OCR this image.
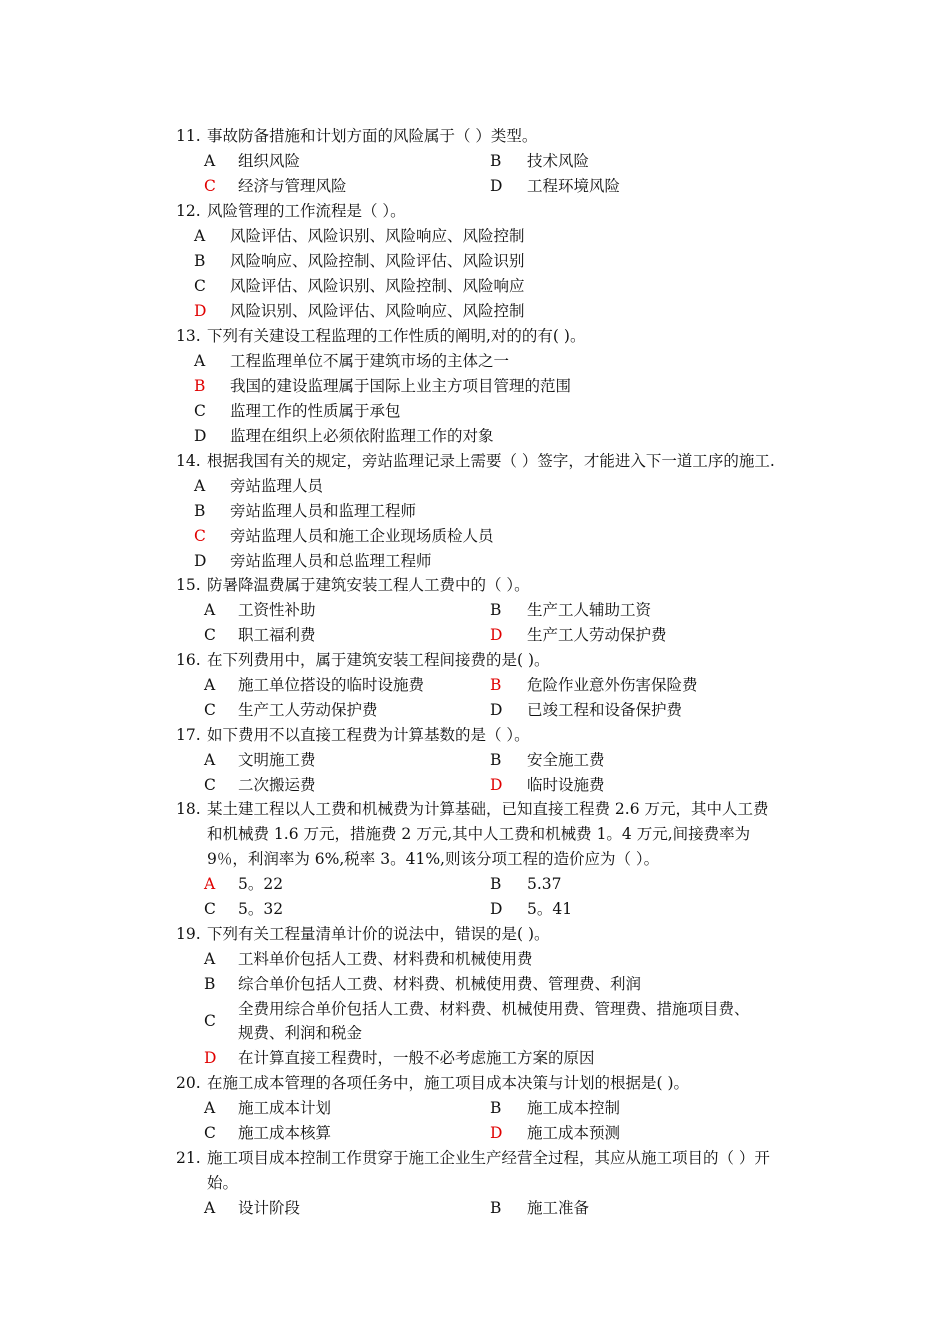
11. 事故防备措施和计划方面的风险属于（ ）类型。
A 组织风险	B 技术风险
C 经济与管理风险	D 工程环境风险
12. 风险管理的工作流程是（ ）。
A 风险评估、风险识别、风险响应、风险控制
B 风险响应、风险控制、风险评估、风险识别
C 风险评估、风险识别、风险控制、风险响应
D 风险识别、风险评估、风险响应、风险控制
13. 下列有关建设工程监理的工作性质的阐明,对的的有( )。
A 工程监理单位不属于建筑市场的主体之一
B 我国的建设监理属于国际上业主方项目管理的范围
C 监理工作的性质属于承包
D 监理在组织上必须依附监理工作的对象
14. 根据我国有关的规定，旁站监理记录上需要（ ）签字，才能进入下一道工序的施工.
A 旁站监理人员
B 旁站监理人员和监理工程师
C 旁站监理人员和施工企业现场质检人员
D 旁站监理人员和总监理工程师
15. 防暑降温费属于建筑安装工程人工费中的（ ）。
A 工资性补助	B 生产工人辅助工资
C 职工福利费	D 生产工人劳动保护费
16. 在下列费用中，属于建筑安装工程间接费的是( )。
A 施工单位搭设的临时设施费	B 危险作业意外伤害保险费
C 生产工人劳动保护费	D 已竣工程和设备保护费
17. 如下费用不以直接工程费为计算基数的是（ ）。
A 文明施工费	B 安全施工费
C 二次搬运费	D 临时设施费
18. 某土建工程以人工费和机械费为计算基础，已知直接工程费 2.6 万元，其中人工费
和机械费 1.6 万元，措施费 2 万元,其中人工费和机械费 1。4 万元,间接费率为
9％，利润率为 6%,税率 3。41%,则该分项工程的造价应为（ ）。
A 5。22	B 5.37
C 5。32	D 5。41
19. 下列有关工程量清单计价的说法中，错误的是( )。
A 工料单价包括人工费、材料费和机械使用费
B 综合单价包括人工费、材料费、机械使用费、管理费、利润
C
全费用综合单价包括人工费、材料费、机械使用费、管理费、措施项目费、
规费、利润和税金
D 在计算直接工程费时，一般不必考虑施工方案的原因
20. 在施工成本管理的各项任务中，施工项目成本决策与计划的根据是( )。
A 施工成本计划	B 施工成本控制
C 施工成本核算	D 施工成本预测
21. 施工项目成本控制工作贯穿于施工企业生产经营全过程，其应从施工项目的（ ）开
始。
A 设计阶段	B 施工准备
